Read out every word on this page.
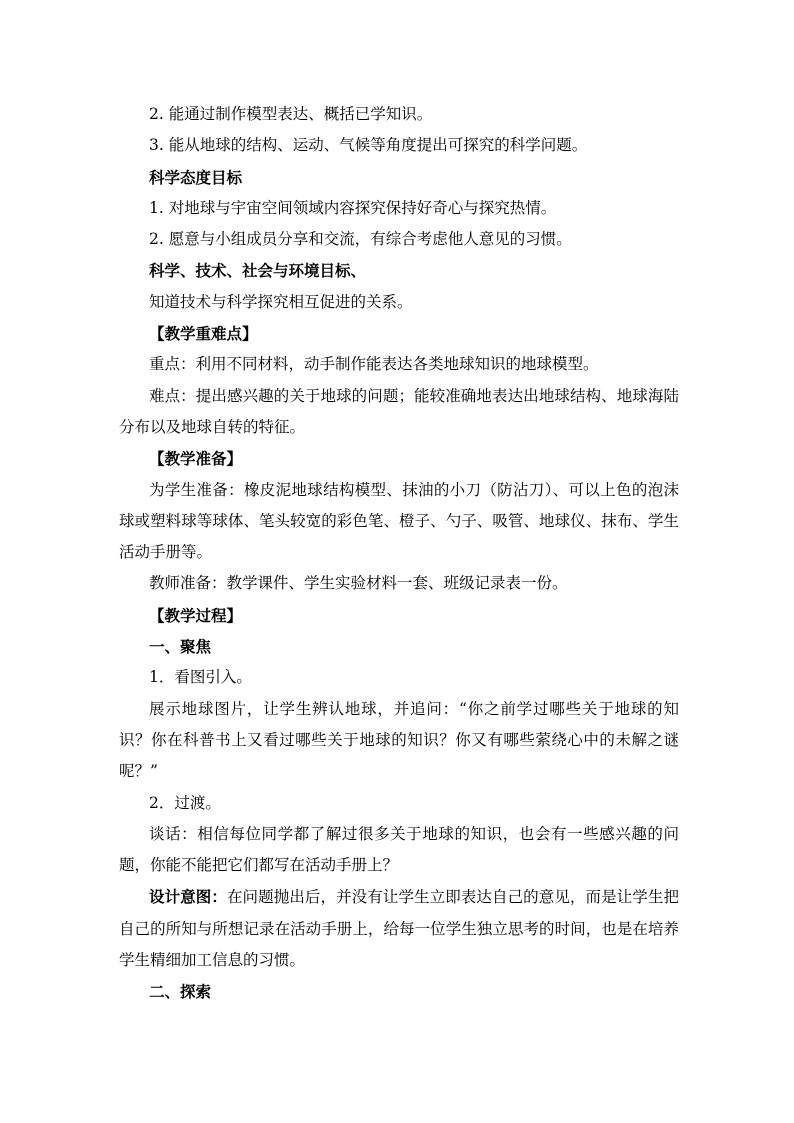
2. 能通过制作模型表达、概括已学知识。
3. 能从地球的结构、运动、气候等角度提出可探究的科学问题。
科学态度目标
1. 对地球与宇宙空间领域内容探究保持好奇心与探究热情。
2. 愿意与小组成员分享和交流，有综合考虑他人意见的习惯。
科学、技术、社会与环境目标、
知道技术与科学探究相互促进的关系。
【教学重难点】
重点：利用不同材料，动手制作能表达各类地球知识的地球模型。
难点：提出感兴趣的关于地球的问题；能较准确地表达出地球结构、地球海陆分布以及地球自转的特征。
【教学准备】
为学生准备：橡皮泥地球结构模型、抹油的小刀（防沾刀）、可以上色的泡沫球或塑料球等球体、笔头较宽的彩色笔、橙子、勺子、吸管、地球仪、抹布、学生活动手册等。
教师准备：教学课件、学生实验材料一套、班级记录表一份。
【教学过程】
一、聚焦
1．看图引入。
展示地球图片，让学生辨认地球，并追问：“你之前学过哪些关于地球的知识？你在科普书上又看过哪些关于地球的知识？你又有哪些萦绕心中的未解之谜呢？”
2．过渡。
谈话：相信每位同学都了解过很多关于地球的知识，也会有一些感兴趣的问题，你能不能把它们都写在活动手册上？
设计意图：在问题抛出后，并没有让学生立即表达自己的意见，而是让学生把自己的所知与所想记录在活动手册上，给每一位学生独立思考的时间，也是在培养学生精细加工信息的习惯。
二、探索
